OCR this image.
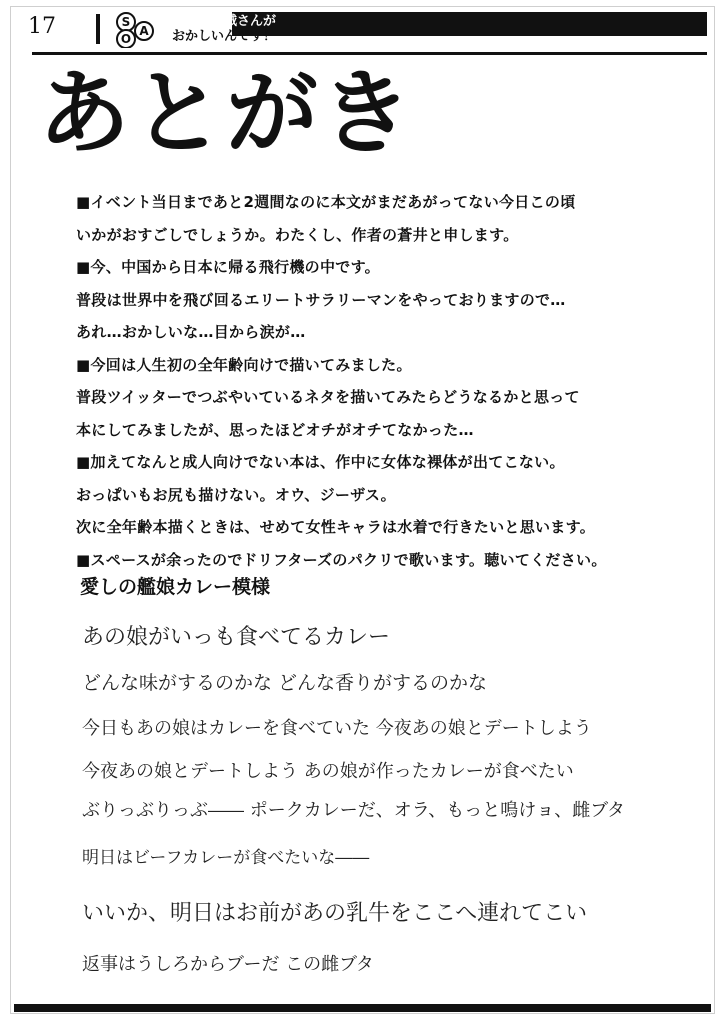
17	S
O
A
最近、赤城さんが
おかしいんです！
あとがき
■イベント当日まであと2週間なのに本文がまだあがってない今日この頃
いかがおすごしでしょうか。わたくし、作者の蒼井と申します。
■今、中国から日本に帰る飛行機の中です。
普段は世界中を飛び回るエリートサラリーマンをやっておりますので…
あれ…おかしいな…目から涙が…
■今回は人生初の全年齢向けで描いてみました。
普段ツイッターでつぶやいているネタを描いてみたらどうなるかと思って
本にしてみましたが、思ったほどオチがオチてなかった…
■加えてなんと成人向けでない本は、作中に女体な裸体が出てこない。
おっぱいもお尻も描けない。オウ、ジーザス。
次に全年齢本描くときは、せめて女性キャラは水着で行きたいと思います。
■スペースが余ったのでドリフターズのパクリで歌います。聴いてください。
愛しの艦娘カレー模様
あの娘がいっも食べてるカレー
どんな味がするのかな どんな香りがするのかな
今日もあの娘はカレーを食べていた 今夜あの娘とデートしよう
今夜あの娘とデートしよう あの娘が作ったカレーが食べたい
ぶりっぶりっぶ―― ポークカレーだ、オラ、もっと鳴けョ、雌ブタ
明日はビーフカレーが食べたいな――
いいか、明日はお前があの乳牛をここへ連れてこい
返事はうしろからブーだ この雌ブタ
